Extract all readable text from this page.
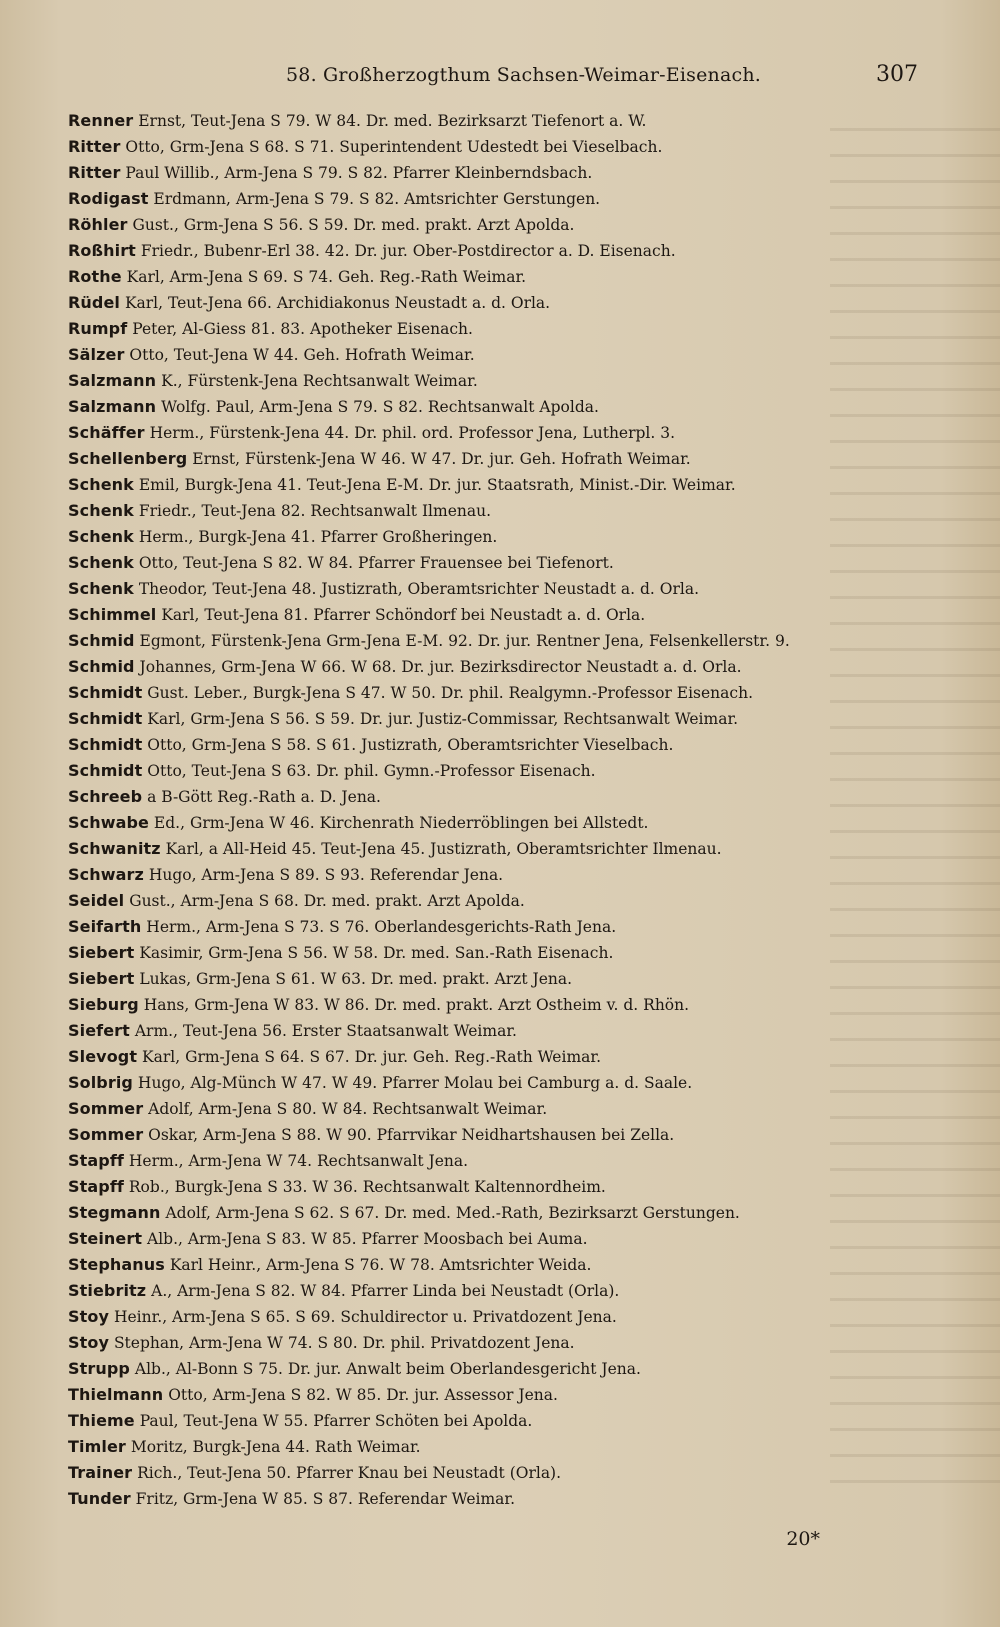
58. Großherzogthum Sachsen-Weimar-Eisenach.	307
Renner Ernst, Teut-Jena S 79. W 84. Dr. med. Bezirksarzt Tiefenort a. W.
Ritter Otto, Grm-Jena S 68. S 71. Superintendent Udestedt bei Vieselbach.
Ritter Paul Willib., Arm-Jena S 79. S 82. Pfarrer Kleinberndsbach.
Rodigast Erdmann, Arm-Jena S 79. S 82. Amtsrichter Gerstungen.
Röhler Gust., Grm-Jena S 56. S 59. Dr. med. prakt. Arzt Apolda.
Roßhirt Friedr., Bubenr-Erl 38. 42. Dr. jur. Ober-Postdirector a. D. Eisenach.
Rothe Karl, Arm-Jena S 69. S 74. Geh. Reg.-Rath Weimar.
Rüdel Karl, Teut-Jena 66. Archidiakonus Neustadt a. d. Orla.
Rumpf Peter, Al-Giess 81. 83. Apotheker Eisenach.
Sälzer Otto, Teut-Jena W 44. Geh. Hofrath Weimar.
Salzmann K., Fürstenk-Jena Rechtsanwalt Weimar.
Salzmann Wolfg. Paul, Arm-Jena S 79. S 82. Rechtsanwalt Apolda.
Schäffer Herm., Fürstenk-Jena 44. Dr. phil. ord. Professor Jena, Lutherpl. 3.
Schellenberg Ernst, Fürstenk-Jena W 46. W 47. Dr. jur. Geh. Hofrath Weimar.
Schenk Emil, Burgk-Jena 41. Teut-Jena E-M. Dr. jur. Staatsrath, Minist.-Dir. Weimar.
Schenk Friedr., Teut-Jena 82. Rechtsanwalt Ilmenau.
Schenk Herm., Burgk-Jena 41. Pfarrer Großheringen.
Schenk Otto, Teut-Jena S 82. W 84. Pfarrer Frauensee bei Tiefenort.
Schenk Theodor, Teut-Jena 48. Justizrath, Oberamtsrichter Neustadt a. d. Orla.
Schimmel Karl, Teut-Jena 81. Pfarrer Schöndorf bei Neustadt a. d. Orla.
Schmid Egmont, Fürstenk-Jena Grm-Jena E-M. 92. Dr. jur. Rentner Jena, Felsenkellerstr. 9.
Schmid Johannes, Grm-Jena W 66. W 68. Dr. jur. Bezirksdirector Neustadt a. d. Orla.
Schmidt Gust. Leber., Burgk-Jena S 47. W 50. Dr. phil. Realgymn.-Professor Eisenach.
Schmidt Karl, Grm-Jena S 56. S 59. Dr. jur. Justiz-Commissar, Rechtsanwalt Weimar.
Schmidt Otto, Grm-Jena S 58. S 61. Justizrath, Oberamtsrichter Vieselbach.
Schmidt Otto, Teut-Jena S 63. Dr. phil. Gymn.-Professor Eisenach.
Schreeb a B-Gött Reg.-Rath a. D. Jena.
Schwabe Ed., Grm-Jena W 46. Kirchenrath Niederröblingen bei Allstedt.
Schwanitz Karl, a All-Heid 45. Teut-Jena 45. Justizrath, Oberamtsrichter Ilmenau.
Schwarz Hugo, Arm-Jena S 89. S 93. Referendar Jena.
Seidel Gust., Arm-Jena S 68. Dr. med. prakt. Arzt Apolda.
Seifarth Herm., Arm-Jena S 73. S 76. Oberlandesgerichts-Rath Jena.
Siebert Kasimir, Grm-Jena S 56. W 58. Dr. med. San.-Rath Eisenach.
Siebert Lukas, Grm-Jena S 61. W 63. Dr. med. prakt. Arzt Jena.
Sieburg Hans, Grm-Jena W 83. W 86. Dr. med. prakt. Arzt Ostheim v. d. Rhön.
Siefert Arm., Teut-Jena 56. Erster Staatsanwalt Weimar.
Slevogt Karl, Grm-Jena S 64. S 67. Dr. jur. Geh. Reg.-Rath Weimar.
Solbrig Hugo, Alg-Münch W 47. W 49. Pfarrer Molau bei Camburg a. d. Saale.
Sommer Adolf, Arm-Jena S 80. W 84. Rechtsanwalt Weimar.
Sommer Oskar, Arm-Jena S 88. W 90. Pfarrvikar Neidhartshausen bei Zella.
Stapff Herm., Arm-Jena W 74. Rechtsanwalt Jena.
Stapff Rob., Burgk-Jena S 33. W 36. Rechtsanwalt Kaltennordheim.
Stegmann Adolf, Arm-Jena S 62. S 67. Dr. med. Med.-Rath, Bezirksarzt Gerstungen.
Steinert Alb., Arm-Jena S 83. W 85. Pfarrer Moosbach bei Auma.
Stephanus Karl Heinr., Arm-Jena S 76. W 78. Amtsrichter Weida.
Stiebritz A., Arm-Jena S 82. W 84. Pfarrer Linda bei Neustadt (Orla).
Stoy Heinr., Arm-Jena S 65. S 69. Schuldirector u. Privatdozent Jena.
Stoy Stephan, Arm-Jena W 74. S 80. Dr. phil. Privatdozent Jena.
Strupp Alb., Al-Bonn S 75. Dr. jur. Anwalt beim Oberlandesgericht Jena.
Thielmann Otto, Arm-Jena S 82. W 85. Dr. jur. Assessor Jena.
Thieme Paul, Teut-Jena W 55. Pfarrer Schöten bei Apolda.
Timler Moritz, Burgk-Jena 44. Rath Weimar.
Trainer Rich., Teut-Jena 50. Pfarrer Knau bei Neustadt (Orla).
Tunder Fritz, Grm-Jena W 85. S 87. Referendar Weimar.
20*
